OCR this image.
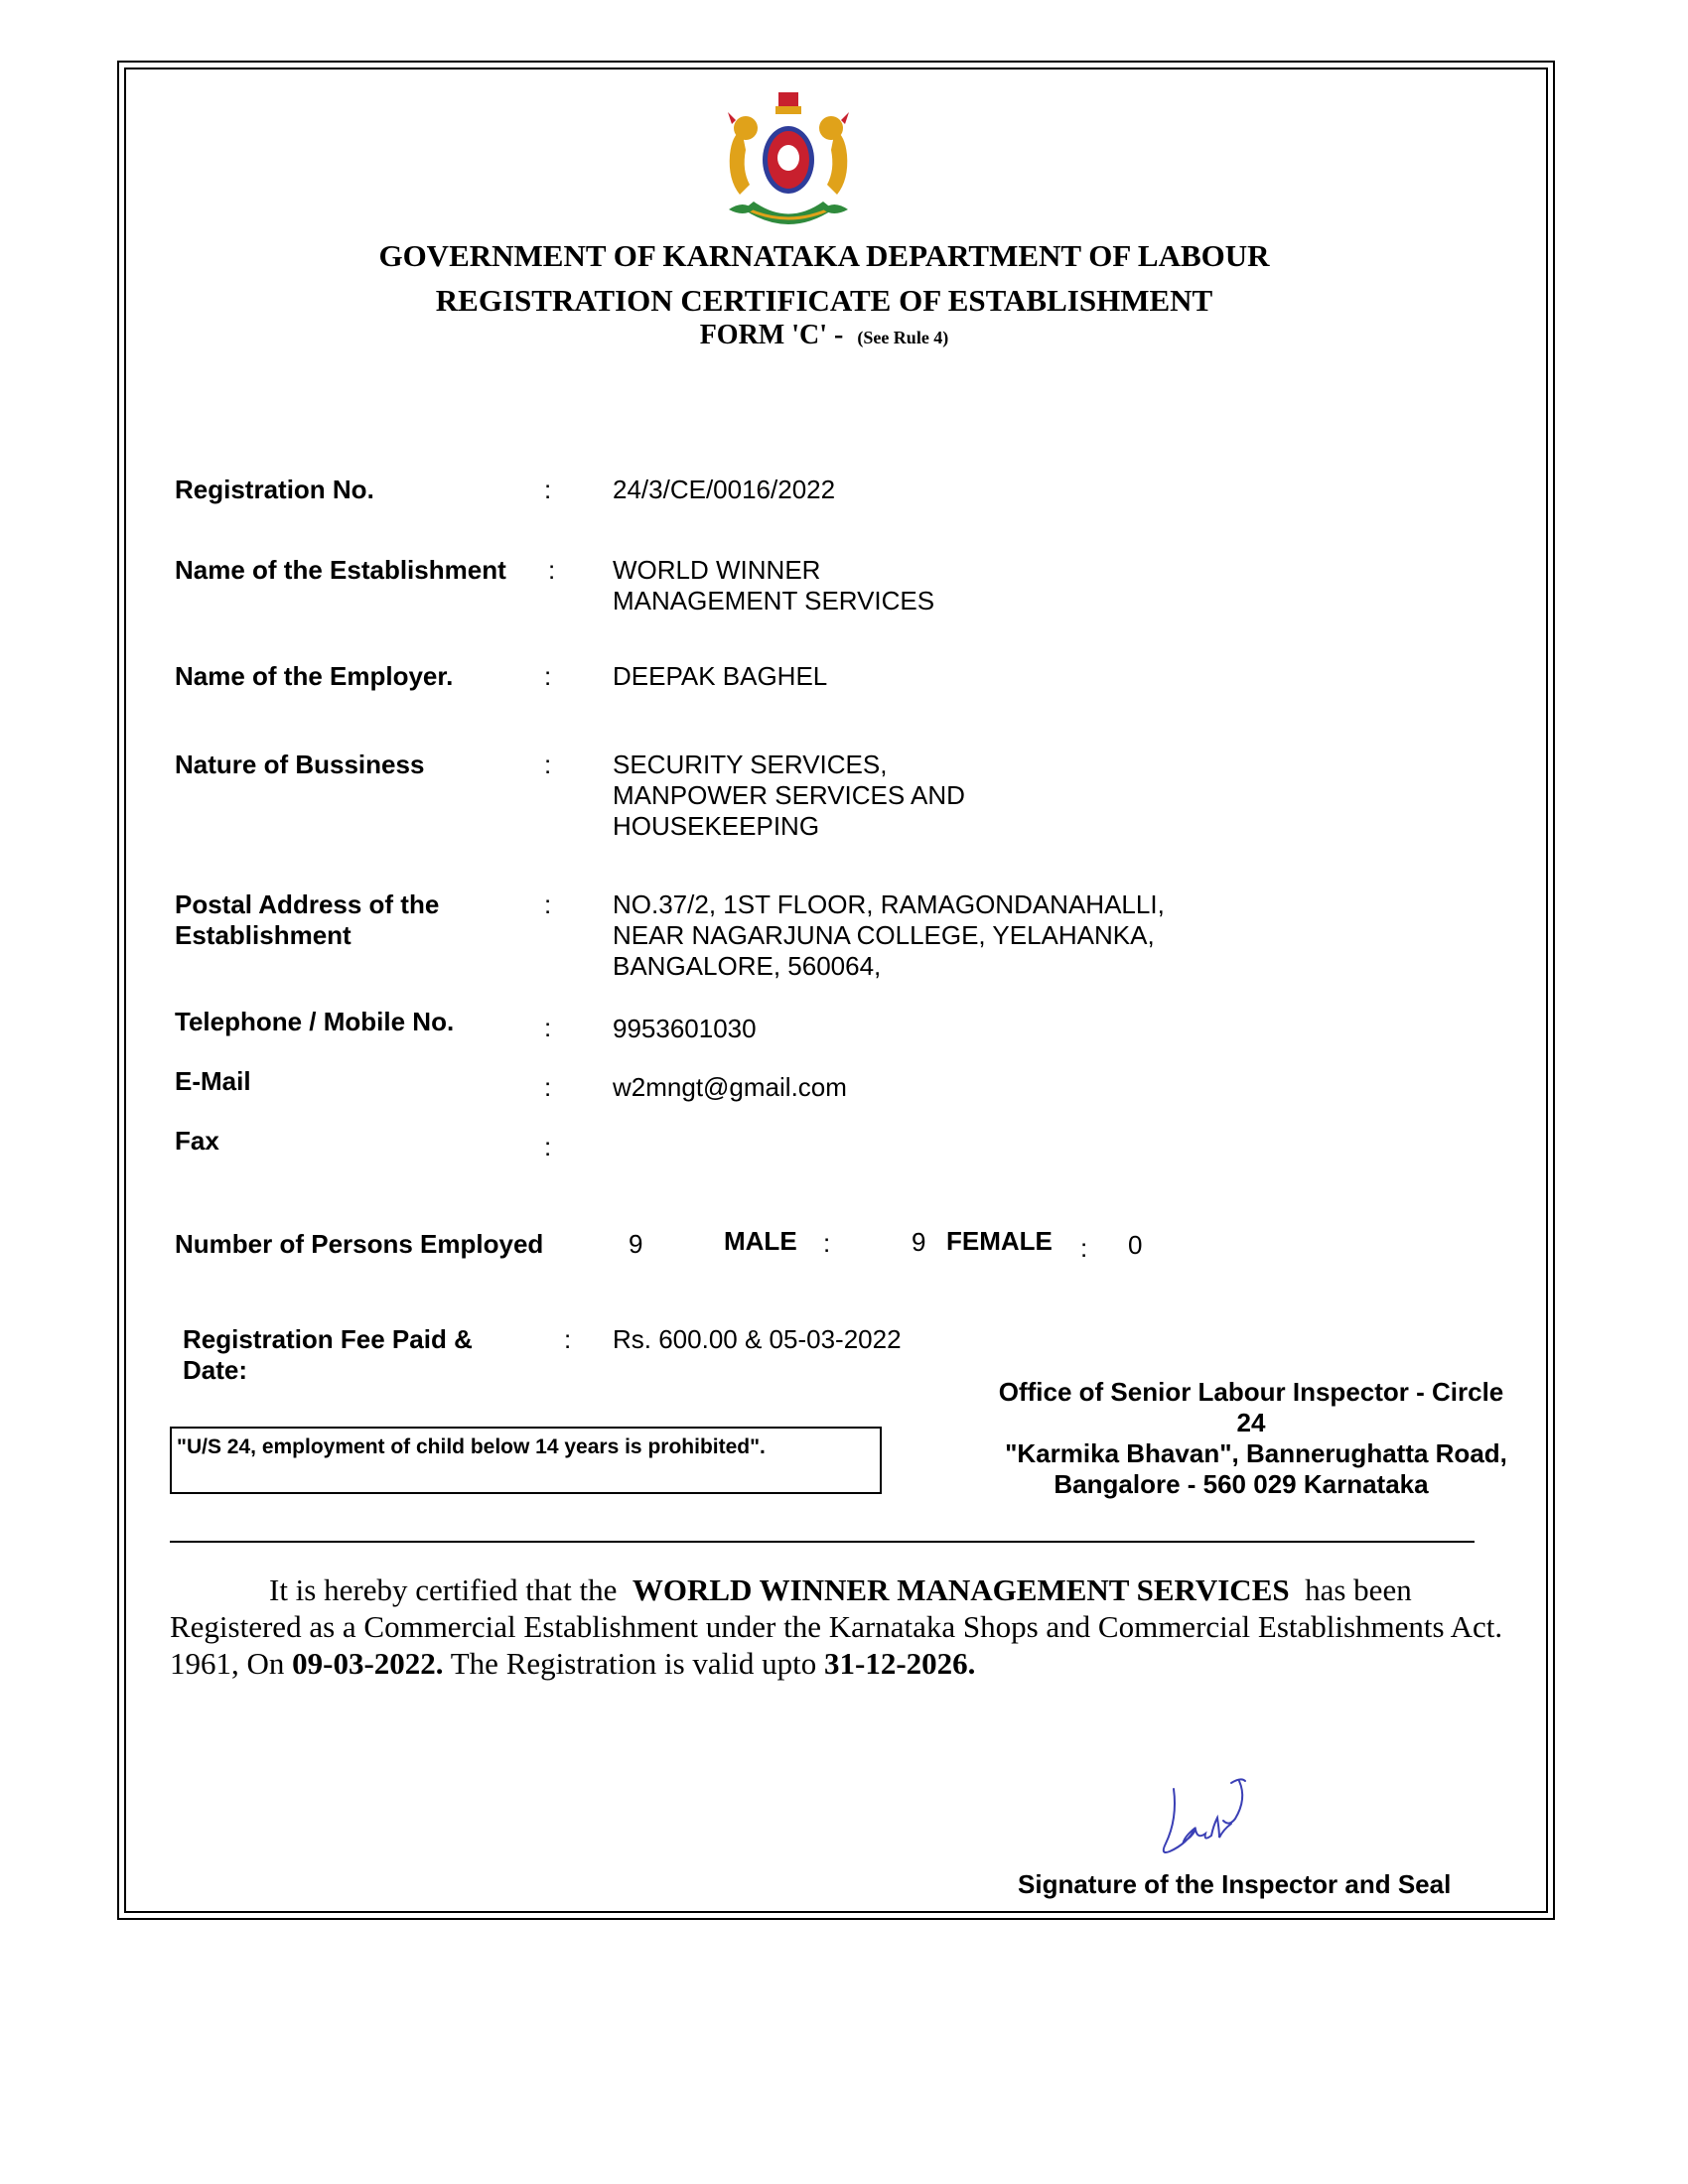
GOVERNMENT OF KARNATAKA DEPARTMENT OF LABOUR
REGISTRATION CERTIFICATE OF ESTABLISHMENT
FORM 'C' - (See Rule 4)
Registration No.	: 24/3/CE/0016/2022
Name of the Establishment : WORLD WINNER
MANAGEMENT SERVICES
Name of the Employer.	: DEEPAK BAGHEL
Nature of Bussiness	: SECURITY SERVICES,
MANPOWER SERVICES AND
HOUSEKEEPING
Postal Address of the
Establishment
: NO.37/2, 1ST FLOOR, RAMAGONDANAHALLI,
NEAR NAGARJUNA COLLEGE, YELAHANKA,
BANGALORE, 560064,
Telephone / Mobile No.	: 9953601030
E-Mail	: w2mngt@gmail.com
Fax	:
Number of Persons Employed	9	MALE :	9 FEMALE : 0
Registration Fee Paid &
Date:
: Rs. 600.00 & 05-03-2022
"U/S 24, employment of child below 14 years is prohibited".
Office of Senior Labour Inspector - Circle
24
"Karmika Bhavan", Bannerughatta Road,
Bangalore - 560 029 Karnataka
It is hereby certified that the WORLD WINNER MANAGEMENT SERVICES has been Registered as a Commercial Establishment under the Karnataka Shops and Commercial Establishments Act. 1961, On 09-03-2022. The Registration is valid upto 31-12-2026.
Signature of the Inspector and Seal
